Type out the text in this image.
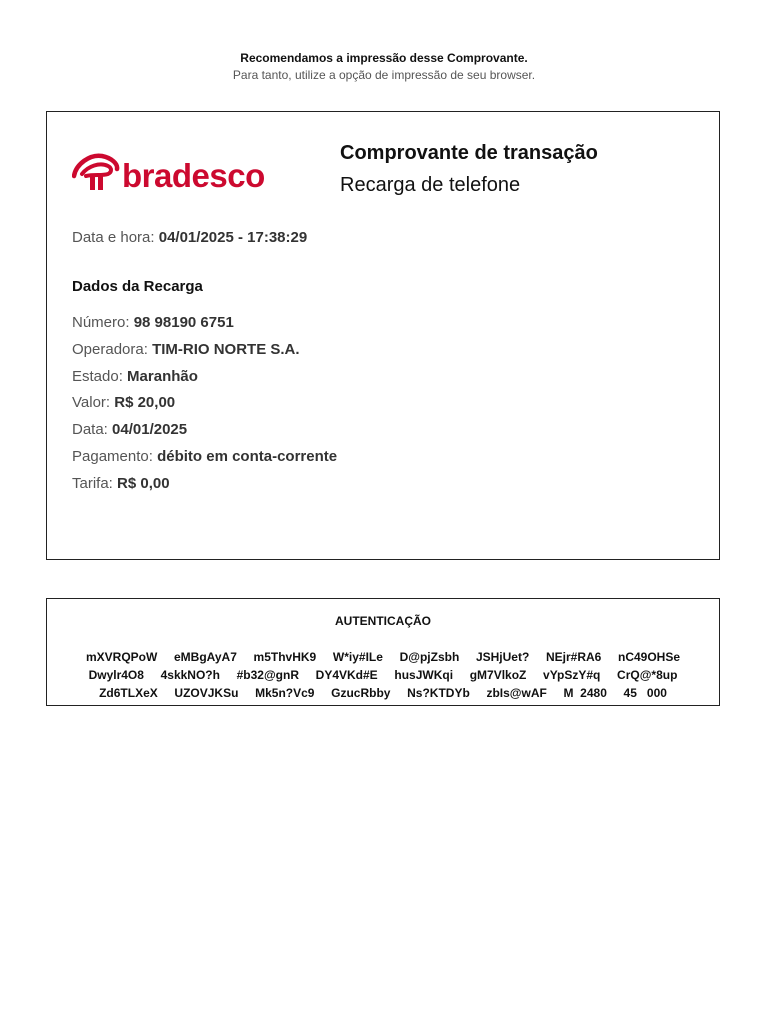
Recomendamos a impressão desse Comprovante.
Para tanto, utilize a opção de impressão de seu browser.
bradesco
Comprovante de transação
Recarga de telefone
Data e hora: 04/01/2025 - 17:38:29
Dados da Recarga
Número: 98 98190 6751
Operadora: TIM-RIO NORTE S.A.
Estado: Maranhão
Valor: R$ 20,00
Data: 04/01/2025
Pagamento: débito em conta-corrente
Tarifa: R$ 0,00
AUTENTICAÇÃO
mXVRQPoW     eMBgAyA7     m5ThvHK9     W*iy#ILe     D@pjZsbh     JSHjUet?     NEjr#RA6     nC49OHSe
Dwylr4O8     4skkNO?h     #b32@gnR     DY4VKd#E     husJWKqi     gM7VlkoZ     vYpSzY#q     CrQ@*8up
Zd6TLXeX     UZOVJKSu     Mk5n?Vc9     GzucRbby     Ns?KTDYb     zbIs@wAF     M  2480     45   000
